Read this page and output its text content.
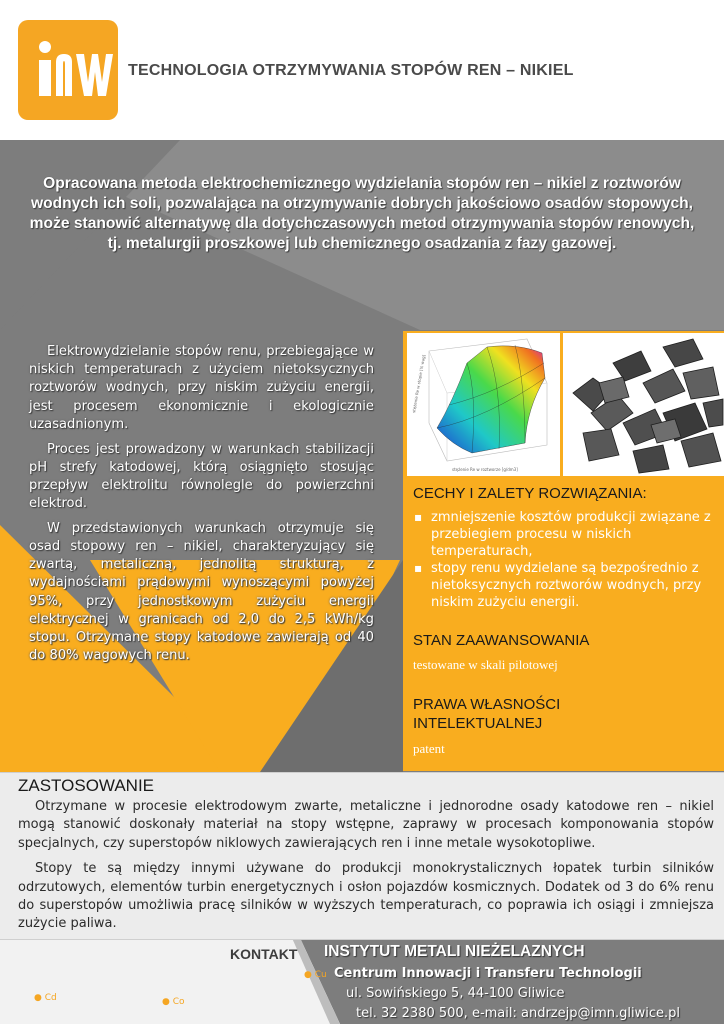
TECHNOLOGIA OTRZYMYWANIA STOPÓW REN – NIKIEL
Opracowana metoda elektrochemicznego wydzielania stopów ren – nikiel z roztworów wodnych ich soli, pozwalająca na otrzymywanie dobrych jakościowo osadów stopowych, może stanowić alternatywę dla dotychczasowych metod otrzymywania stopów renowych, tj. metalurgii proszkowej lub chemicznego osadzania z fazy gazowej.

Elektrowydzielanie stopów renu, przebiegające w niskich temperaturach z użyciem nietoksycznych roztworów wodnych, przy niskim zużyciu energii, jest procesem ekonomicznie i ekologicznie uzasadnionym.

Proces jest prowadzony w warunkach stabilizacji pH strefy katodowej, którą osiągnięto stosując przepływ elektrolitu równolegle do powierzchni elektrod.

W przedstawionych warunkach otrzymuje się osad stopowy ren – nikiel, charakteryzujący się zwartą, metaliczną, jednolitą strukturą, z wydajnościami prądowymi wynoszącymi powyżej 95%, przy jednostkowym zużyciu energii elektrycznej w granicach od 2,0 do 2,5 kWh/kg stopu. Otrzymane stopy katodowe zawierają od 40 do 80% wagowych renu.

stężenie Re w stopie [% wag]
stężenie Re w roztworze [g/dm3]
CECHY I ZALETY ROZWIĄZANIA:
▪ zmniejszenie kosztów produkcji związane z przebiegiem procesu w niskich temperaturach,
▪ stopy renu wydzielane są bezpośrednio z nietoksycznych roztworów wodnych, przy niskim zużyciu energii.
STAN ZAAWANSOWANIA
testowane w skali pilotowej
PRAWA WŁASNOŚCI INTELEKTUALNEJ
patent
ZASTOSOWANIE

Otrzymane w procesie elektrodowym zwarte, metaliczne i jednorodne osady katodowe ren – nikiel mogą stanowić doskonały materiał na stopy wstępne, zaprawy w procesach komponowania stopów specjalnych, czy superstopów niklowych zawierających ren i inne metale wysokotopliwe.

Stopy te są między innymi używane do produkcji monokrystalicznych łopatek turbin silników odrzutowych, elementów turbin energetycznych i osłon pojazdów kosmicznych. Dodatek od 3 do 6% renu do superstopów umożliwia pracę silników w wyższych temperaturach, co poprawia ich osiągi i zmniejsza zużycie paliwa.

KONTAKT INSTYTUT METALI NIEŻELAZNYCH
Centrum Innowacji i Transferu Technologii
ul. Sowińskiego 5, 44-100 Gliwice
tel. 32 2380 500, e-mail: andrzejp@imn.gliwice.pl
● Cu
● Cd	● Co
